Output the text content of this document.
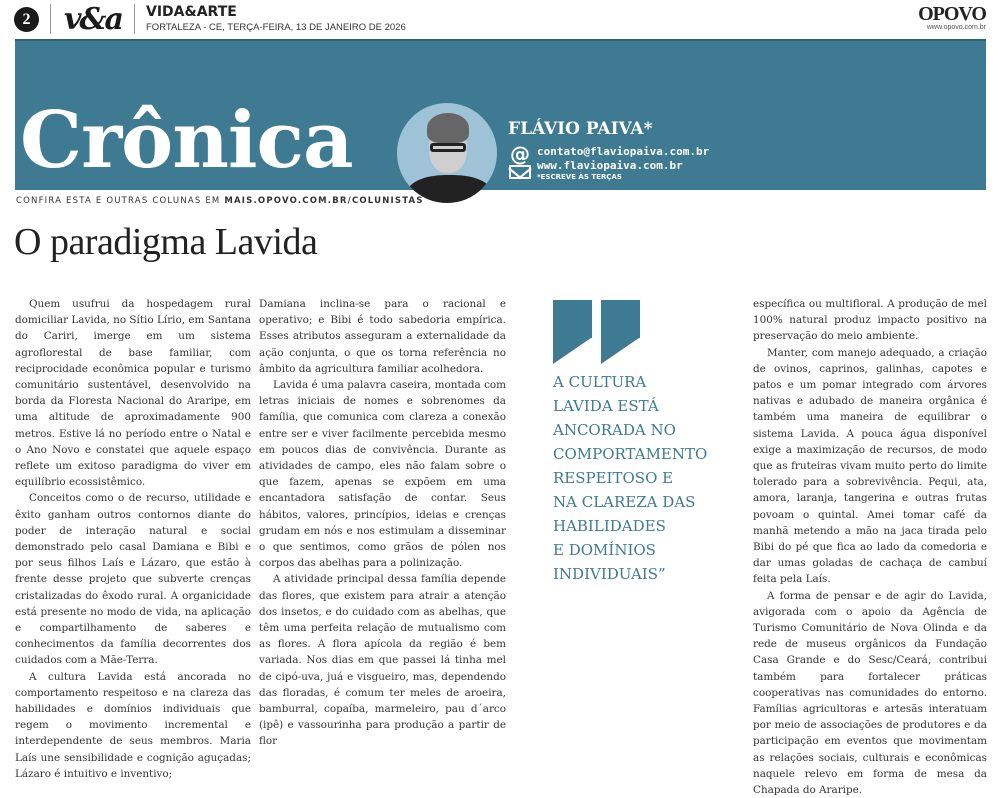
2 v&a VIDA&ARTE
FORTALEZA - CE, TERÇA-FEIRA, 13 DE JANEIRO DE 2026
OPOVO
www.opovo.com.br
Crônica	FLÁVIO PAIVA*
@ contato@flaviopaiva.com.br
www.flaviopaiva.com.br
*ESCREVE ÀS TERÇAS
CONFIRA ESTA E OUTRAS COLUNAS EM MAIS.OPOVO.COM.BR/COLUNISTAS
O paradigma Lavida

Quem usufrui da hospedagem rural domiciliar Lavida, no Sítio Lírio, em Santana do Cariri, imerge em um sistema agroflorestal de base familiar, com reciprocidade econômica popular e turismo comunitário sustentável, desenvolvido na borda da Floresta Nacional do Araripe, em uma altitude de aproximadamente 900 metros. Estive lá no período entre o Natal e o Ano Novo e constatei que aquele espaço reflete um exitoso paradigma do viver em equilíbrio ecossistêmico.

Conceitos como o de recurso, utilidade e êxito ganham outros contornos diante do poder de interação natural e social demonstrado pelo casal Damiana e Bibi e por seus filhos Laís e Lázaro, que estão à frente desse projeto que subverte crenças cristalizadas do êxodo rural. A organicidade está presente no modo de vida, na aplicação e compartilhamento de saberes e conhecimentos da família decorrentes dos cuidados com a Mãe-Terra.

A cultura Lavida está ancorada no comportamento respeitoso e na clareza das habilidades e domínios individuais que regem o movimento incremental e interdependente de seus membros. Maria Laís une sensibilidade e cognição aguçadas; Lázaro é intuitivo e inventivo;

Damiana inclina-se para o racional e operativo; e Bibi é todo sabedoria empírica. Esses atributos asseguram a externalidade da ação conjunta, o que os torna referência no âmbito da agricultura familiar acolhedora.

Lavida é uma palavra caseira, montada com letras iniciais de nomes e sobrenomes da família, que comunica com clareza a conexão entre ser e viver facilmente percebida mesmo em poucos dias de convivência. Durante as atividades de campo, eles não falam sobre o que fazem, apenas se expõem em uma encantadora satisfação de contar. Seus hábitos, valores, princípios, ideias e crenças grudam em nós e nos estimulam a disseminar o que sentimos, como grãos de pólen nos corpos das abelhas para a polinização.

A atividade principal dessa família depende das flores, que existem para atrair a atenção dos insetos, e do cuidado com as abelhas, que têm uma perfeita relação de mutualismo com as flores. A flora apícola da região é bem variada. Nos dias em que passei lá tinha mel de cipó-uva, juá e visgueiro, mas, dependendo das floradas, é comum ter meles de aroeira, bamburral, copaíba, marmeleiro, pau d´arco (ipê) e vassourinha para produção a partir de flor

A CULTURA
LAVIDA ESTÁ
ANCORADA NO
COMPORTAMENTO
RESPEITOSO E
NA CLAREZA DAS
HABILIDADES
E DOMÍNIOS
INDIVIDUAIS”

específica ou multifloral. A produção de mel 100% natural produz impacto positivo na preservação do meio ambiente.

Manter, com manejo adequado, a criação de ovinos, caprinos, galinhas, capotes e patos e um pomar integrado com árvores nativas e adubado de maneira orgânica é também uma maneira de equilibrar o sistema Lavida. A pouca água disponível exige a maximização de recursos, de modo que as fruteiras vivam muito perto do limite tolerado para a sobrevivência. Pequi, ata, amora, laranja, tangerina e outras frutas povoam o quintal. Amei tomar café da manhã metendo a mão na jaca tirada pelo Bibi do pé que fica ao lado da comedoria e dar umas goladas de cachaça de cambuí feita pela Laís.

A forma de pensar e de agir do Lavida, avigorada com o apoio da Agência de Turismo Comunitário de Nova Olinda e da rede de museus orgânicos da Fundação Casa Grande e do Sesc/Ceará, contribui também para fortalecer práticas cooperativas nas comunidades do entorno. Famílias agricultoras e artesãs interatuam por meio de associações de produtores e da participação em eventos que movimentam as relações sociais, culturais e econômicas naquele relevo em forma de mesa da Chapada do Araripe.
